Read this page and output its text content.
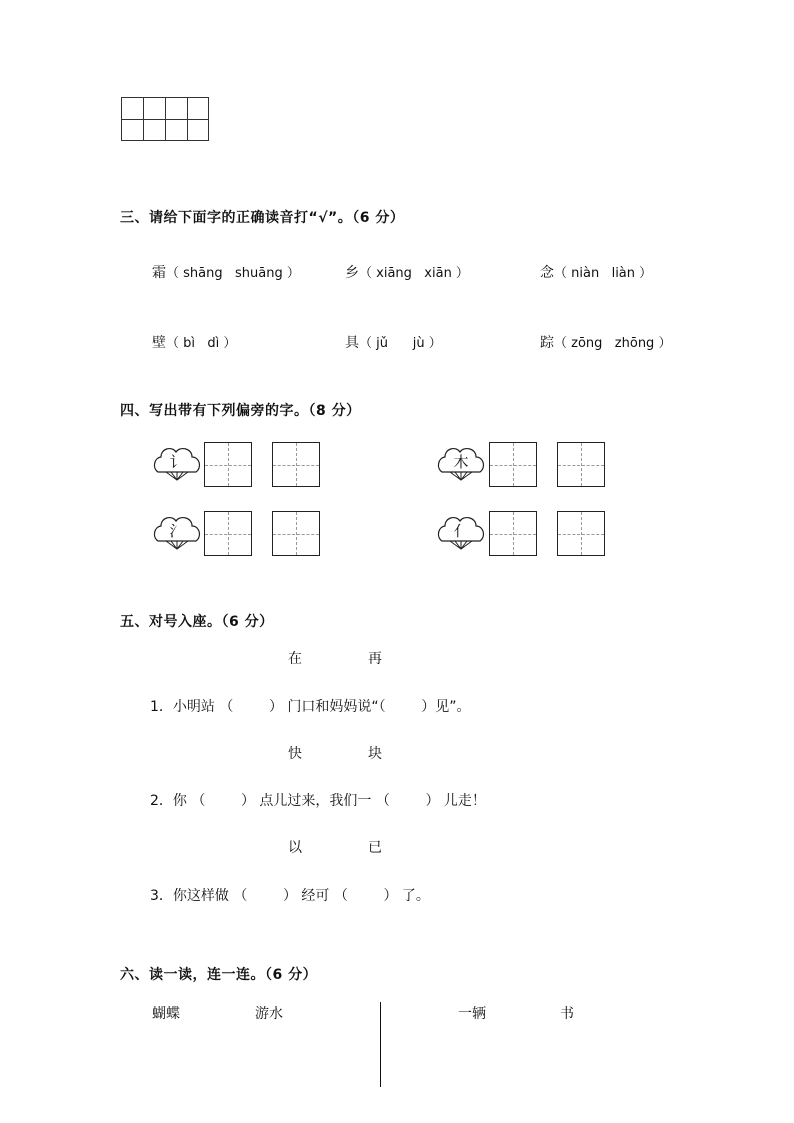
三、请给下面字的正确读音打“√”。（6 分）
霜（ shāng   shuāng ）	乡（ xiāng   xiān ）	念（ niàn   liàn ）
壁（ bì   dì ）	具（ jǔ      jù ）	踪（ zōng   zhōng ）
四、写出带有下列偏旁的字。（8 分）
讠	木
氵	亻
五、对号入座。（6 分）
在	再
1．小明站 （        ） 门口和妈妈说“（        ）见”。
快	块
2．你 （        ） 点儿过来，我们一 （        ） 儿走！
以	已
3．你这样做 （        ） 经可 （        ） 了。
六、读一读，连一连。（6 分）
蝴蝶	游水	一辆	书
